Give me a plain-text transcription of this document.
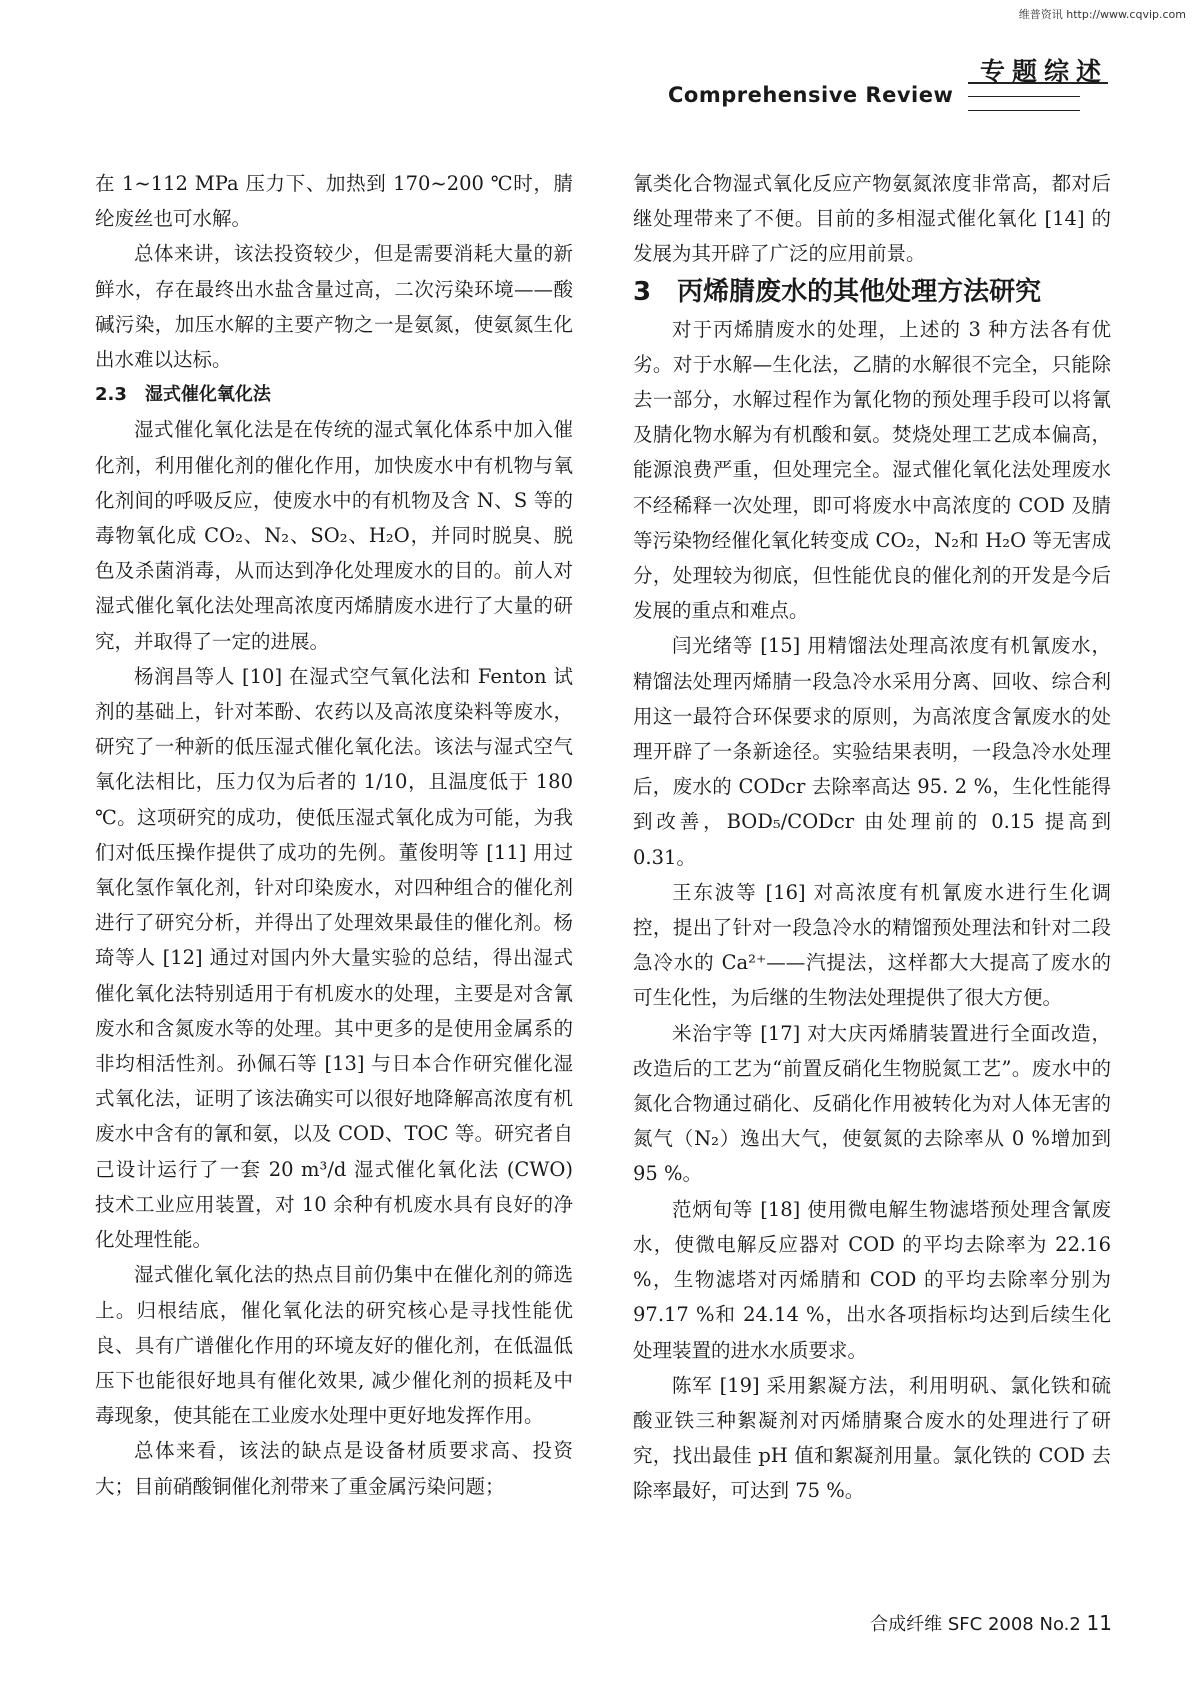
维普资讯 http://www.cqvip.com
专题综述
Comprehensive Review

在 1~112 MPa 压力下、加热到 170~200 ℃时，腈纶废丝也可水解。

总体来讲，该法投资较少，但是需要消耗大量的新鲜水，存在最终出水盐含量过高，二次污染环境——酸碱污染，加压水解的主要产物之一是氨氮，使氨氮生化出水难以达标。

2.3　湿式催化氧化法

湿式催化氧化法是在传统的湿式氧化体系中加入催化剂，利用催化剂的催化作用，加快废水中有机物与氧化剂间的呼吸反应，使废水中的有机物及含 N、S 等的毒物氧化成 CO₂、N₂、SO₂、H₂O，并同时脱臭、脱色及杀菌消毒，从而达到净化处理废水的目的。前人对湿式催化氧化法处理高浓度丙烯腈废水进行了大量的研究，并取得了一定的进展。

杨润昌等人 [10] 在湿式空气氧化法和 Fenton 试剂的基础上，针对苯酚、农药以及高浓度染料等废水，研究了一种新的低压湿式催化氧化法。该法与湿式空气氧化法相比，压力仅为后者的 1/10，且温度低于 180 ℃。这项研究的成功，使低压湿式氧化成为可能，为我们对低压操作提供了成功的先例。董俊明等 [11] 用过氧化氢作氧化剂，针对印染废水，对四种组合的催化剂进行了研究分析，并得出了处理效果最佳的催化剂。杨琦等人 [12] 通过对国内外大量实验的总结，得出湿式催化氧化法特别适用于有机废水的处理，主要是对含氰废水和含氮废水等的处理。其中更多的是使用金属系的非均相活性剂。孙佩石等 [13] 与日本合作研究催化湿式氧化法，证明了该法确实可以很好地降解高浓度有机废水中含有的氰和氨，以及 COD、TOC 等。研究者自己设计运行了一套 20 m³/d 湿式催化氧化法 (CWO) 技术工业应用装置，对 10 余种有机废水具有良好的净化处理性能。

湿式催化氧化法的热点目前仍集中在催化剂的筛选上。归根结底，催化氧化法的研究核心是寻找性能优良、具有广谱催化作用的环境友好的催化剂，在低温低压下也能很好地具有催化效果, 减少催化剂的损耗及中毒现象，使其能在工业废水处理中更好地发挥作用。

总体来看，该法的缺点是设备材质要求高、投资大；目前硝酸铜催化剂带来了重金属污染问题；

氰类化合物湿式氧化反应产物氨氮浓度非常高，都对后继处理带来了不便。目前的多相湿式催化氧化 [14] 的发展为其开辟了广泛的应用前景。

3　丙烯腈废水的其他处理方法研究

对于丙烯腈废水的处理，上述的 3 种方法各有优劣。对于水解—生化法，乙腈的水解很不完全，只能除去一部分，水解过程作为氰化物的预处理手段可以将氰及腈化物水解为有机酸和氨。焚烧处理工艺成本偏高，能源浪费严重，但处理完全。湿式催化氧化法处理废水不经稀释一次处理，即可将废水中高浓度的 COD 及腈等污染物经催化氧化转变成 CO₂，N₂和 H₂O 等无害成分，处理较为彻底，但性能优良的催化剂的开发是今后发展的重点和难点。

闫光绪等 [15] 用精馏法处理高浓度有机氰废水，精馏法处理丙烯腈一段急冷水采用分离、回收、综合利用这一最符合环保要求的原则，为高浓度含氰废水的处理开辟了一条新途径。实验结果表明，一段急冷水处理后，废水的 CODcr 去除率高达 95. 2 %，生化性能得到改善，BOD₅/CODcr 由处理前的 0.15 提高到 0.31。

王东波等 [16] 对高浓度有机氰废水进行生化调控，提出了针对一段急冷水的精馏预处理法和针对二段急冷水的 Ca²⁺——汽提法，这样都大大提高了废水的可生化性，为后继的生物法处理提供了很大方便。

米治宇等 [17] 对大庆丙烯腈装置进行全面改造，改造后的工艺为“前置反硝化生物脱氮工艺”。废水中的氮化合物通过硝化、反硝化作用被转化为对人体无害的氮气（N₂）逸出大气，使氨氮的去除率从 0 %增加到 95 %。

范炳旬等 [18] 使用微电解生物滤塔预处理含氰废水，使微电解反应器对 COD 的平均去除率为 22.16 %，生物滤塔对丙烯腈和 COD 的平均去除率分别为 97.17 %和 24.14 %，出水各项指标均达到后续生化处理装置的进水水质要求。

陈军 [19] 采用絮凝方法，利用明矾、氯化铁和硫酸亚铁三种絮凝剂对丙烯腈聚合废水的处理进行了研究，找出最佳 pH 值和絮凝剂用量。氯化铁的 COD 去除率最好，可达到 75 %。

合成纤维 SFC 2008 No.2 11
